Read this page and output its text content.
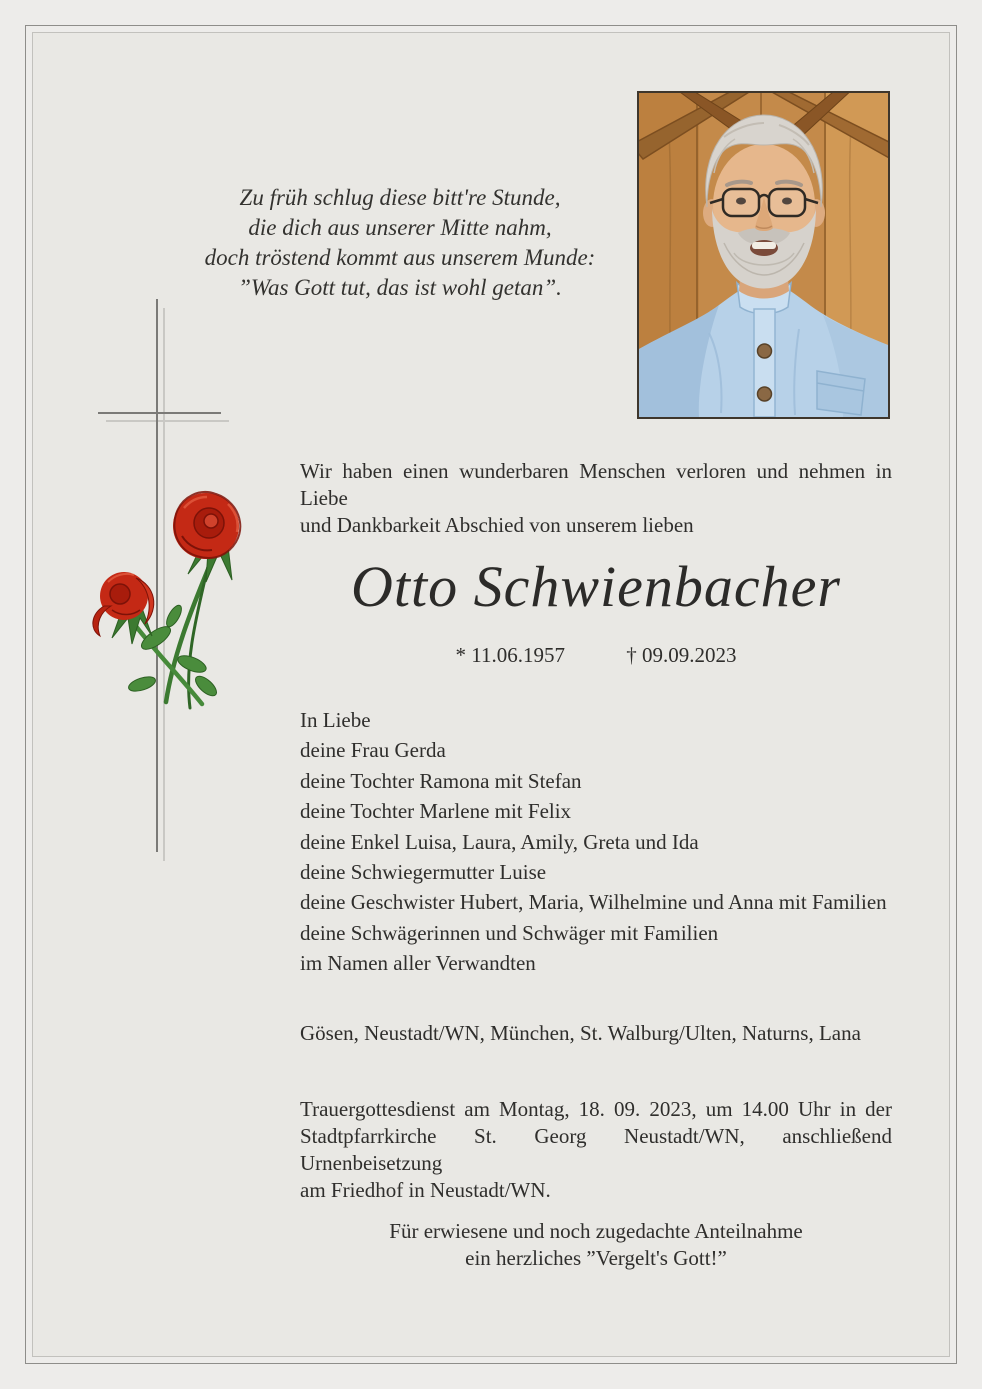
Zu früh schlug diese bitt're Stunde,
die dich aus unserer Mitte nahm,
doch tröstend kommt aus unserem Munde:
”Was Gott tut, das ist wohl getan”.
Wir haben einen wunderbaren Menschen verloren und nehmen in Liebe
und Dankbarkeit Abschied von unserem lieben
Otto Schwienbacher
* 11.06.1957	† 09.09.2023
In Liebe
deine Frau Gerda
deine Tochter Ramona mit Stefan
deine Tochter Marlene mit Felix
deine Enkel Luisa, Laura, Amily, Greta und Ida
deine Schwiegermutter Luise
deine Geschwister Hubert, Maria, Wilhelmine und Anna mit Familien
deine Schwägerinnen und Schwäger mit Familien
im Namen aller Verwandten
Gösen, Neustadt/WN, München, St. Walburg/Ulten, Naturns, Lana
Trauergottesdienst am Montag, 18. 09. 2023, um 14.00 Uhr in der
Stadtpfarrkirche St. Georg Neustadt/WN, anschließend Urnenbeisetzung
am Friedhof in Neustadt/WN.
Für erwiesene und noch zugedachte Anteilnahme
ein herzliches ”Vergelt's Gott!”
